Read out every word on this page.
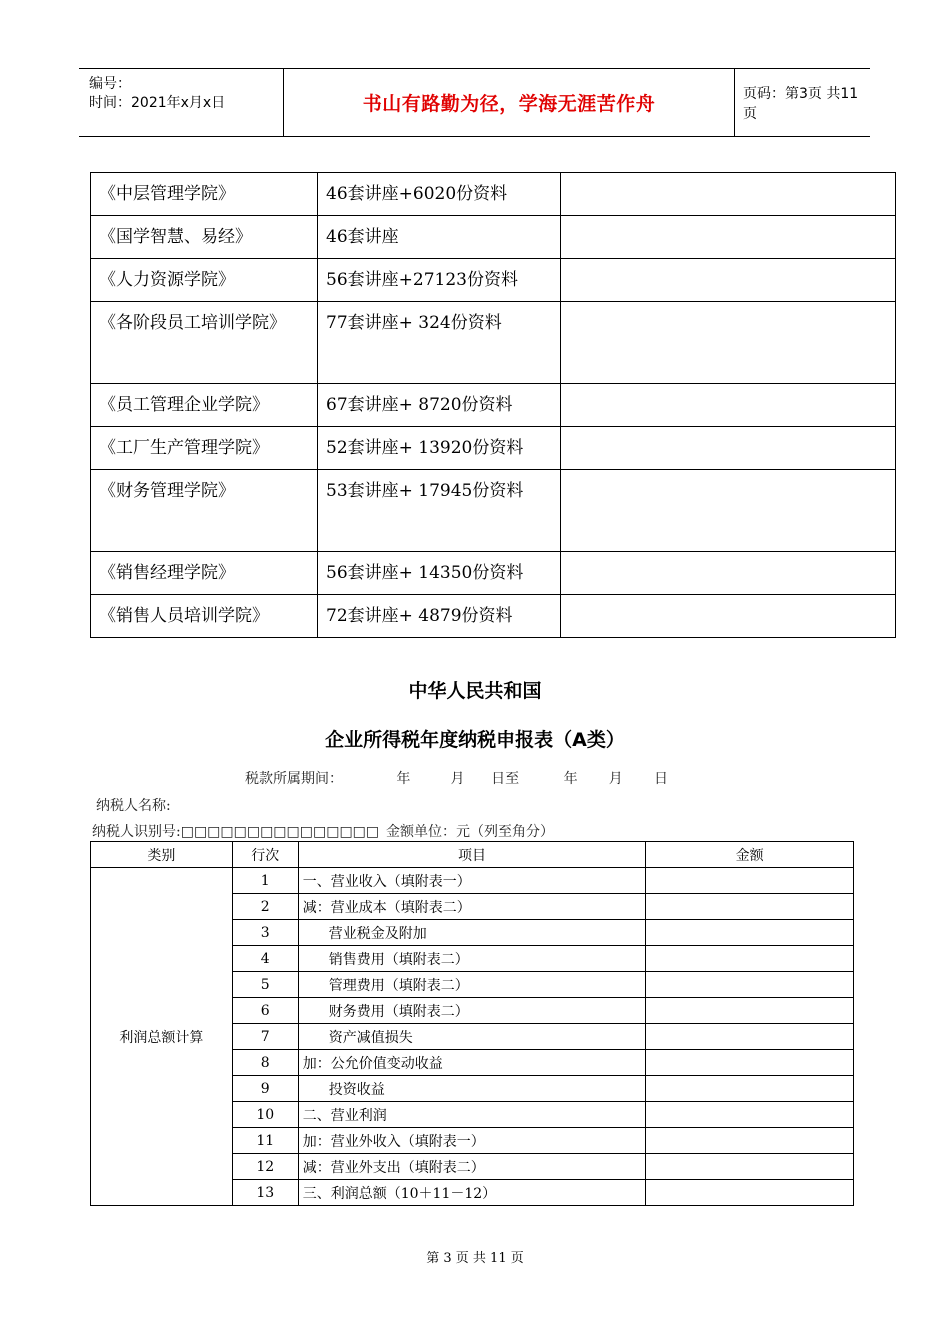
编号：
时间：2021年x月x日	书山有路勤为径，学海无涯苦作舟	页码：第3页 共11页
《中层管理学院》	46套讲座+6020份资料	
《国学智慧、易经》	46套讲座	
《人力资源学院》	56套讲座+27123份资料	
《各阶段员工培训学院》	77套讲座+ 324份资料	
《员工管理企业学院》	67套讲座+ 8720份资料	
《工厂生产管理学院》	52套讲座+ 13920份资料	
《财务管理学院》	53套讲座+ 17945份资料	
《销售经理学院》	56套讲座+ 14350份资料	
《销售人员培训学院》	72套讲座+ 4879份资料	
中华人民共和国
企业所得税年度纳税申报表（A类）
税款所属期间：            年         月      日至          年       月       日
纳税人名称:
纳税人识别号:□□□□□□□□□□□□□□□ 金额单位：元（列至角分）
类别	行次	项目	金额
利润总额计算	1	一、营业收入（填附表一）	
	2	减：营业成本（填附表二）	
	3	营业税金及附加	
	4	销售费用（填附表二）	
	5	管理费用（填附表二）	
	6	财务费用（填附表二）	
	7	资产减值损失	
	8	加：公允价值变动收益	
	9	投资收益	
	10	二、营业利润	
	11	加：营业外收入（填附表一）	
	12	减：营业外支出（填附表二）	
	13	三、利润总额（10＋11－12）	
第 3 页 共 11 页
